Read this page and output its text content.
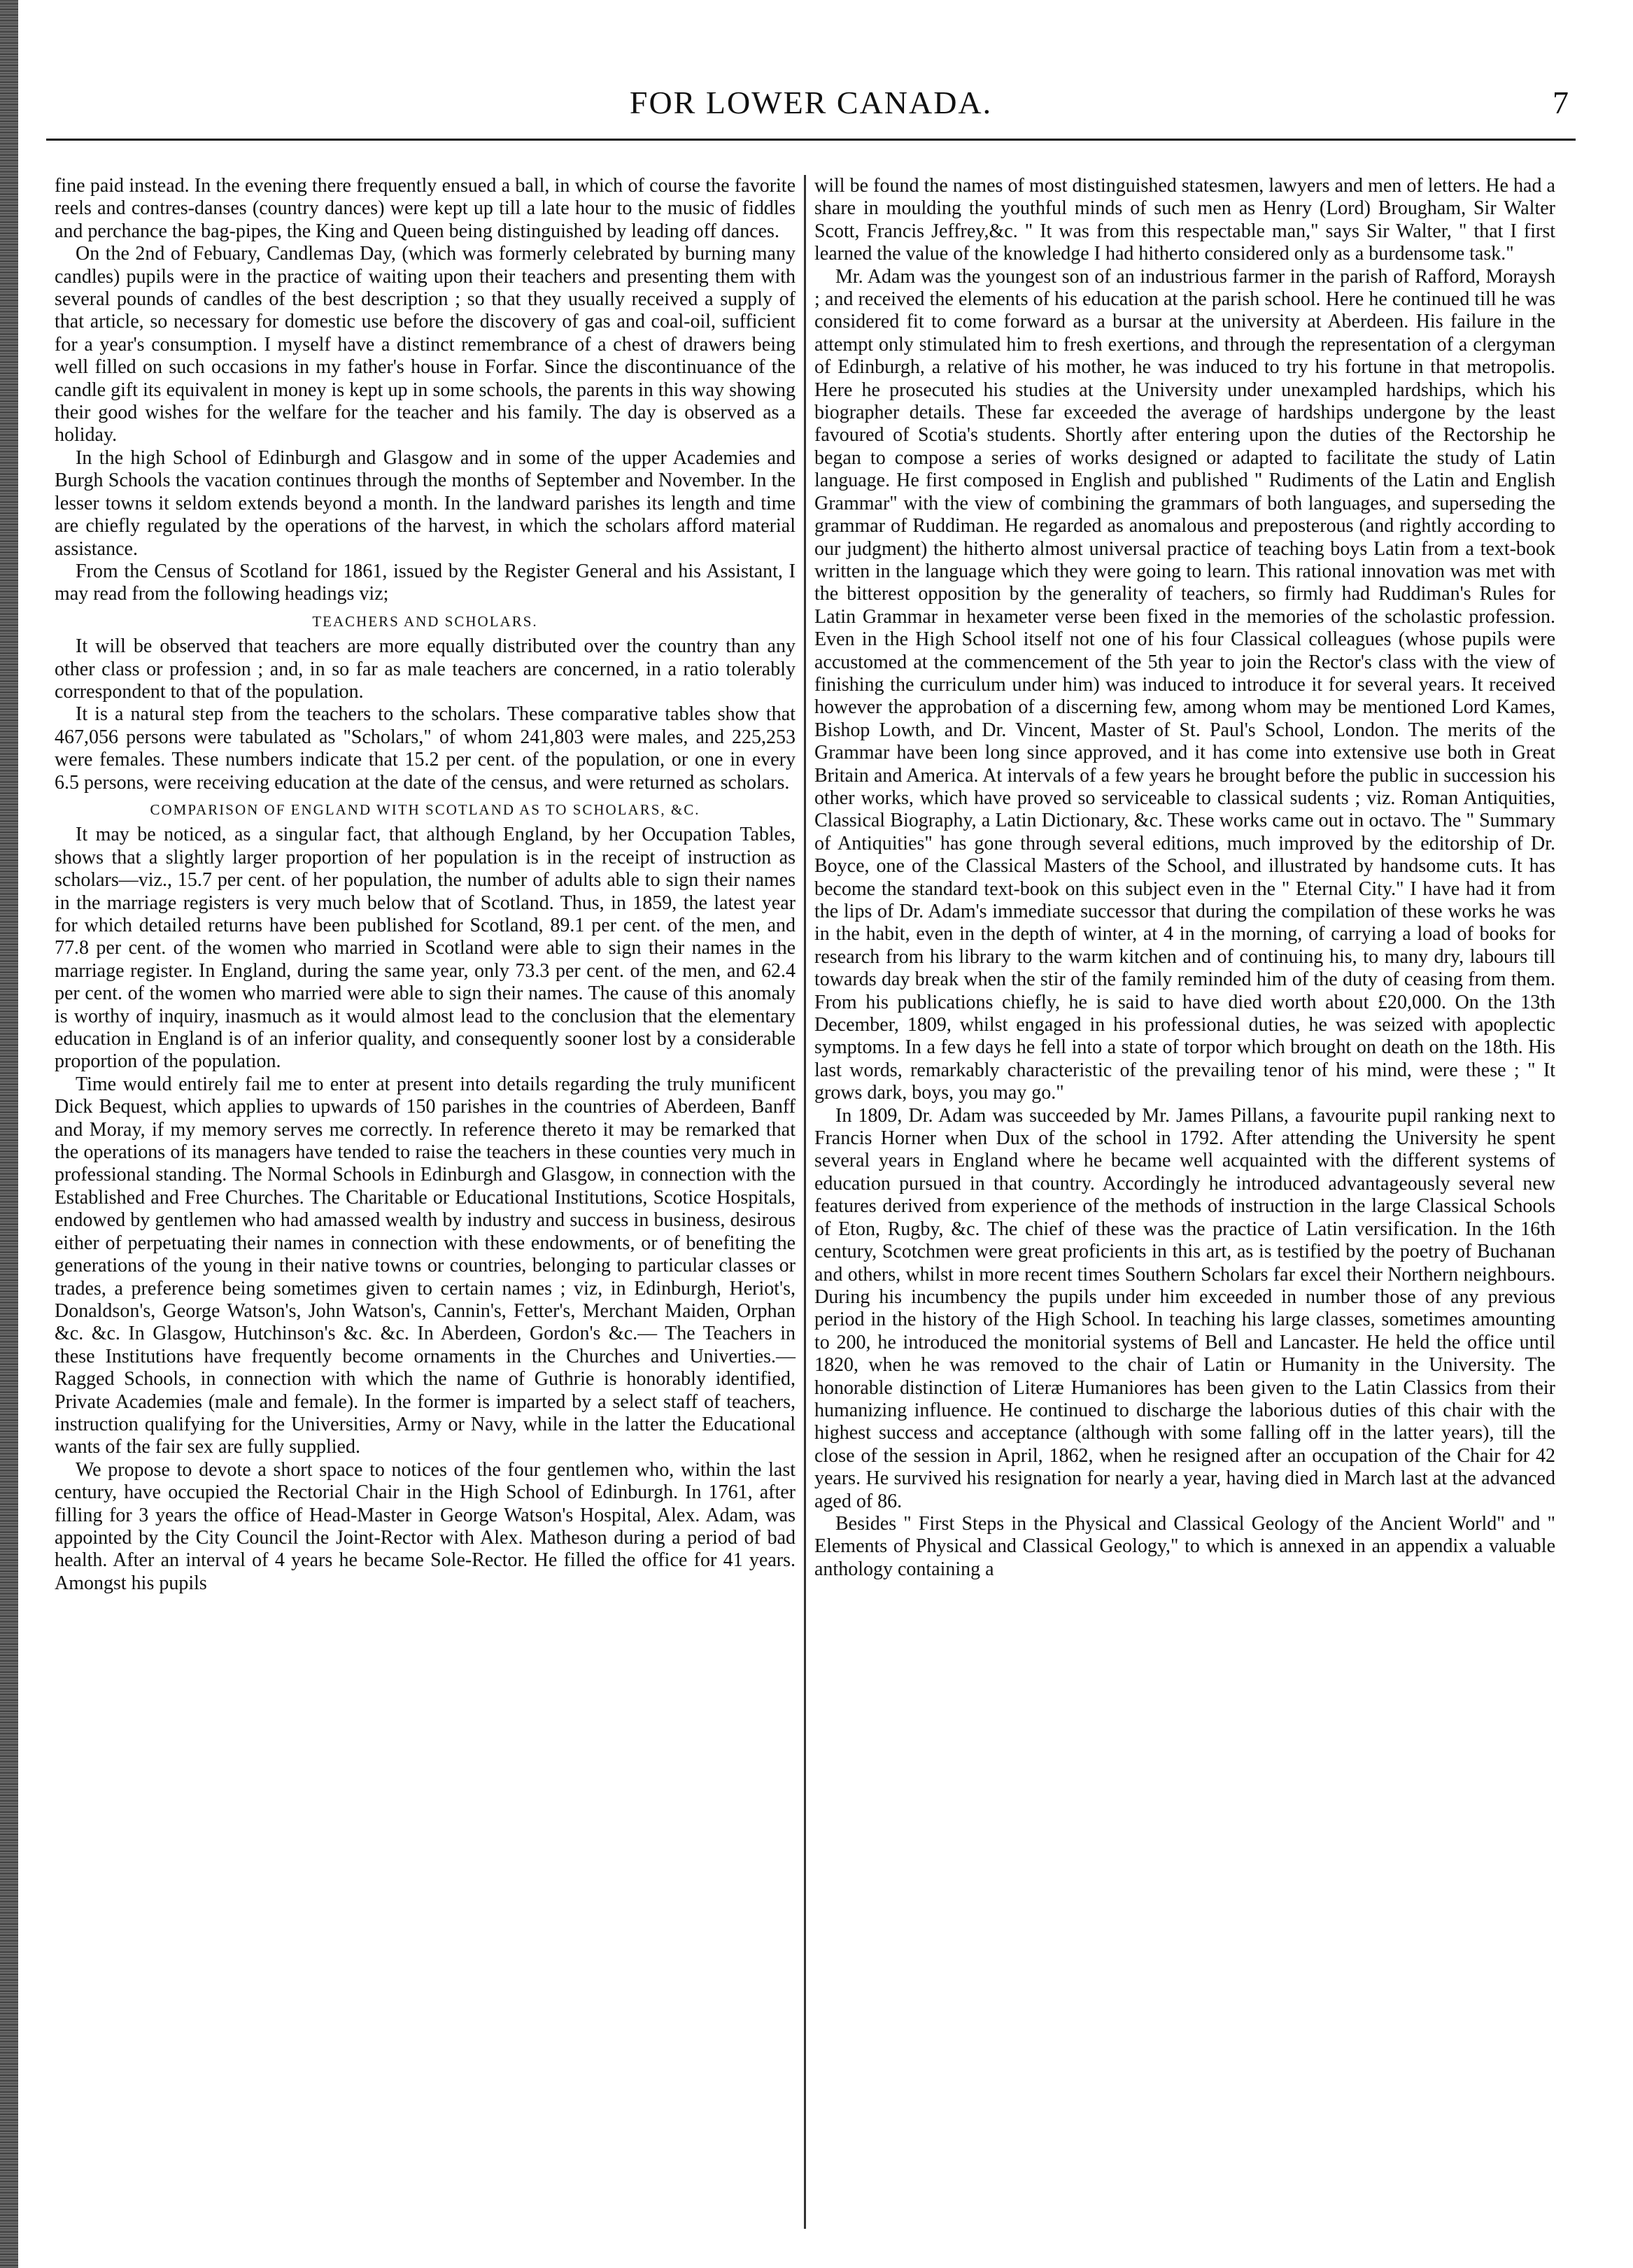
FOR LOWER CANADA.	7

fine paid instead. In the evening there frequently ensued a ball, in which of course the favorite reels and contres-danses (country dances) were kept up till a late hour to the music of fiddles and perchance the bag-pipes, the King and Queen being distinguished by leading off dances.

On the 2nd of Febuary, Candlemas Day, (which was formerly celebrated by burning many candles) pupils were in the practice of waiting upon their teachers and presenting them with several pounds of candles of the best description ; so that they usually received a supply of that article, so necessary for domestic use before the discovery of gas and coal-oil, sufficient for a year's consumption. I myself have a distinct remembrance of a chest of drawers being well filled on such occasions in my father's house in Forfar. Since the discontinuance of the candle gift its equivalent in money is kept up in some schools, the parents in this way showing their good wishes for the welfare for the teacher and his family. The day is observed as a holiday.

In the high School of Edinburgh and Glasgow and in some of the upper Academies and Burgh Schools the vacation continues through the months of September and November. In the lesser towns it seldom extends beyond a month. In the landward parishes its length and time are chiefly regulated by the operations of the harvest, in which the scholars afford material assistance.

From the Census of Scotland for 1861, issued by the Register General and his Assistant, I may read from the following headings viz;

TEACHERS AND SCHOLARS.

It will be observed that teachers are more equally distributed over the country than any other class or profession ; and, in so far as male teachers are concerned, in a ratio tolerably correspondent to that of the population.

It is a natural step from the teachers to the scholars. These comparative tables show that 467,056 persons were tabulated as "Scholars," of whom 241,803 were males, and 225,253 were females. These numbers indicate that 15.2 per cent. of the population, or one in every 6.5 persons, were receiving education at the date of the census, and were returned as scholars.

COMPARISON OF ENGLAND WITH SCOTLAND AS TO SCHOLARS, &C.

It may be noticed, as a singular fact, that although England, by her Occupation Tables, shows that a slightly larger proportion of her population is in the receipt of instruction as scholars—viz., 15.7 per cent. of her population, the number of adults able to sign their names in the marriage registers is very much below that of Scotland. Thus, in 1859, the latest year for which detailed returns have been published for Scotland, 89.1 per cent. of the men, and 77.8 per cent. of the women who married in Scotland were able to sign their names in the marriage register. In England, during the same year, only 73.3 per cent. of the men, and 62.4 per cent. of the women who married were able to sign their names. The cause of this anomaly is worthy of inquiry, inasmuch as it would almost lead to the conclusion that the elementary education in England is of an inferior quality, and consequently sooner lost by a considerable proportion of the population.

Time would entirely fail me to enter at present into details regarding the truly munificent Dick Bequest, which applies to upwards of 150 parishes in the countries of Aberdeen, Banff and Moray, if my memory serves me correctly. In reference thereto it may be remarked that the operations of its managers have tended to raise the teachers in these counties very much in professional standing. The Normal Schools in Edinburgh and Glasgow, in connection with the Established and Free Churches. The Charitable or Educational Institutions, Scotice Hospitals, endowed by gentlemen who had amassed wealth by industry and success in business, desirous either of perpetuating their names in connection with these endowments, or of benefiting the generations of the young in their native towns or countries, belonging to particular classes or trades, a preference being sometimes given to certain names ; viz, in Edinburgh, Heriot's, Donaldson's, George Watson's, John Watson's, Cannin's, Fetter's, Merchant Maiden, Orphan &c. &c. In Glasgow, Hutchinson's &c. &c. In Aberdeen, Gordon's &c.— The Teachers in these Institutions have frequently become ornaments in the Churches and Univerties.— Ragged Schools, in connection with which the name of Guthrie is honorably identified, Private Academies (male and female). In the former is imparted by a select staff of teachers, instruction qualifying for the Universities, Army or Navy, while in the latter the Educational wants of the fair sex are fully supplied.

We propose to devote a short space to notices of the four gentlemen who, within the last century, have occupied the Rectorial Chair in the High School of Edinburgh. In 1761, after filling for 3 years the office of Head-Master in George Watson's Hospital, Alex. Adam, was appointed by the City Council the Joint-Rector with Alex. Matheson during a period of bad health. After an interval of 4 years he became Sole-Rector. He filled the office for 41 years. Amongst his pupils

will be found the names of most distinguished statesmen, lawyers and men of letters. He had a share in moulding the youthful minds of such men as Henry (Lord) Brougham, Sir Walter Scott, Francis Jeffrey,&c. " It was from this respectable man," says Sir Walter, " that I first learned the value of the knowledge I had hitherto considered only as a burdensome task."

Mr. Adam was the youngest son of an industrious farmer in the parish of Rafford, Moraysh ; and received the elements of his education at the parish school. Here he continued till he was considered fit to come forward as a bursar at the university at Aberdeen. His failure in the attempt only stimulated him to fresh exertions, and through the representation of a clergyman of Edinburgh, a relative of his mother, he was induced to try his fortune in that metropolis. Here he prosecuted his studies at the University under unexampled hardships, which his biographer details. These far exceeded the average of hardships undergone by the least favoured of Scotia's students. Shortly after entering upon the duties of the Rectorship he began to compose a series of works designed or adapted to facilitate the study of Latin language. He first composed in English and published " Rudiments of the Latin and English Grammar" with the view of combining the grammars of both languages, and superseding the grammar of Ruddiman. He regarded as anomalous and preposterous (and rightly according to our judgment) the hitherto almost universal practice of teaching boys Latin from a text-book written in the language which they were going to learn. This rational innovation was met with the bitterest opposition by the generality of teachers, so firmly had Ruddiman's Rules for Latin Grammar in hexameter verse been fixed in the memories of the scholastic profession. Even in the High School itself not one of his four Classical colleagues (whose pupils were accustomed at the commencement of the 5th year to join the Rector's class with the view of finishing the curriculum under him) was induced to introduce it for several years. It received however the approbation of a discerning few, among whom may be mentioned Lord Kames, Bishop Lowth, and Dr. Vincent, Master of St. Paul's School, London. The merits of the Grammar have been long since approved, and it has come into extensive use both in Great Britain and America. At intervals of a few years he brought before the public in succession his other works, which have proved so serviceable to classical sudents ; viz. Roman Antiquities, Classical Biography, a Latin Dictionary, &c. These works came out in octavo. The " Summary of Antiquities" has gone through several editions, much improved by the editorship of Dr. Boyce, one of the Classical Masters of the School, and illustrated by handsome cuts. It has become the standard text-book on this subject even in the " Eternal City." I have had it from the lips of Dr. Adam's immediate successor that during the compilation of these works he was in the habit, even in the depth of winter, at 4 in the morning, of carrying a load of books for research from his library to the warm kitchen and of continuing his, to many dry, labours till towards day break when the stir of the family reminded him of the duty of ceasing from them. From his publications chiefly, he is said to have died worth about £20,000. On the 13th December, 1809, whilst engaged in his professional duties, he was seized with apoplectic symptoms. In a few days he fell into a state of torpor which brought on death on the 18th. His last words, remarkably characteristic of the prevailing tenor of his mind, were these ; " It grows dark, boys, you may go."

In 1809, Dr. Adam was succeeded by Mr. James Pillans, a favourite pupil ranking next to Francis Horner when Dux of the school in 1792. After attending the University he spent several years in England where he became well acquainted with the different systems of education pursued in that country. Accordingly he introduced advantageously several new features derived from experience of the methods of instruction in the large Classical Schools of Eton, Rugby, &c. The chief of these was the practice of Latin versification. In the 16th century, Scotchmen were great proficients in this art, as is testified by the poetry of Buchanan and others, whilst in more recent times Southern Scholars far excel their Northern neighbours. During his incumbency the pupils under him exceeded in number those of any previous period in the history of the High School. In teaching his large classes, sometimes amounting to 200, he introduced the monitorial systems of Bell and Lancaster. He held the office until 1820, when he was removed to the chair of Latin or Humanity in the University. The honorable distinction of Literæ Humaniores has been given to the Latin Classics from their humanizing influence. He continued to discharge the laborious duties of this chair with the highest success and acceptance (although with some falling off in the latter years), till the close of the session in April, 1862, when he resigned after an occupation of the Chair for 42 years. He survived his resignation for nearly a year, having died in March last at the advanced aged of 86.

Besides " First Steps in the Physical and Classical Geology of the Ancient World" and " Elements of Physical and Classical Geology," to which is annexed in an appendix a valuable anthology containing a
